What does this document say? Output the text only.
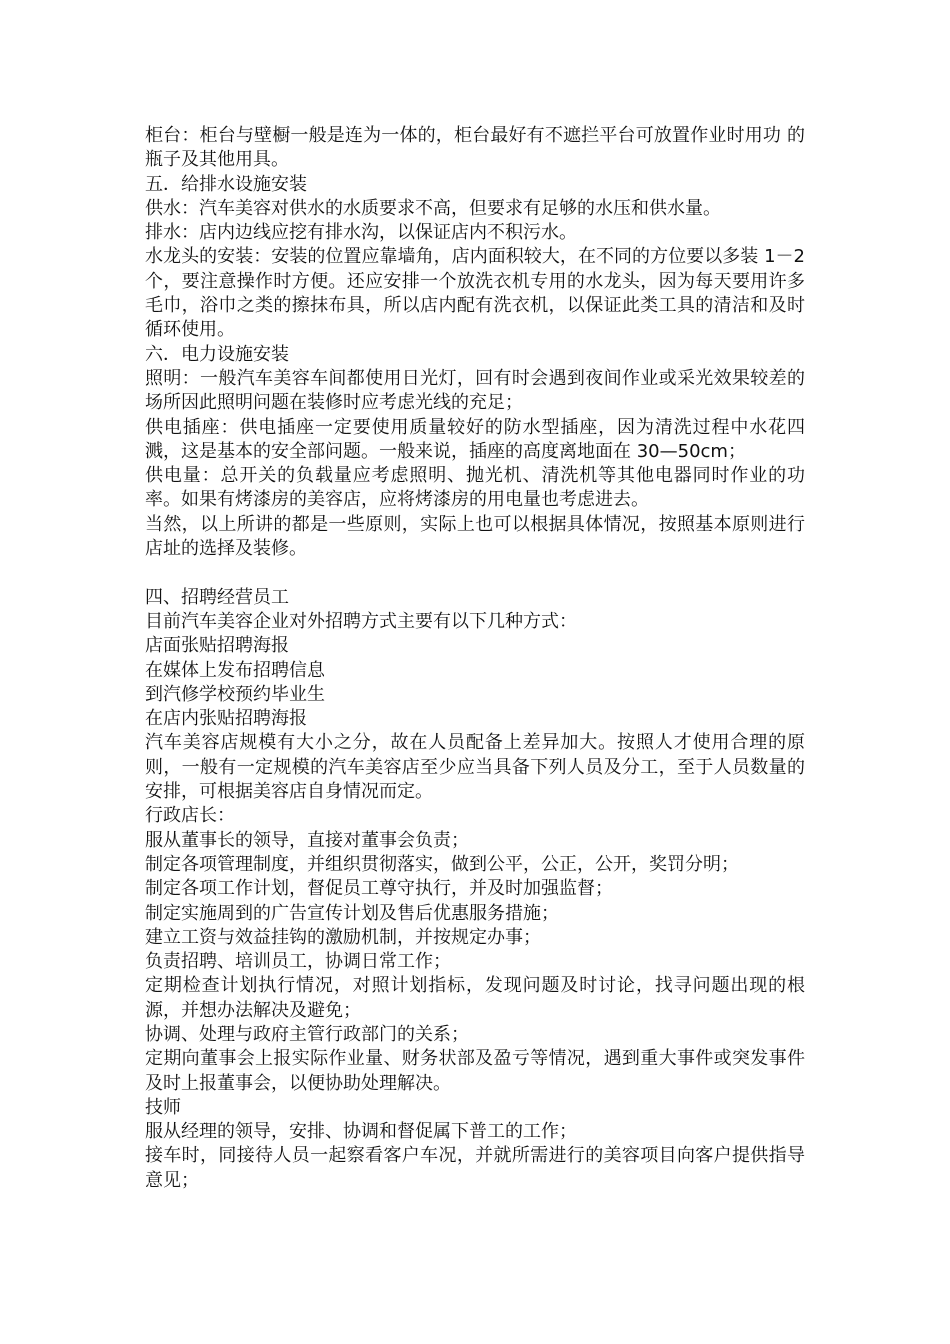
柜台：柜台与壁橱一般是连为一体的，柜台最好有不遮拦平台可放置作业时用功 的瓶子及其他用具。

五．给排水设施安装

供水：汽车美容对供水的水质要求不高，但要求有足够的水压和供水量。

排水：店内边线应挖有排水沟，以保证店内不积污水。

水龙头的安装：安装的位置应靠墙角，店内面积较大，在不同的方位要以多装 1－2 个，要注意操作时方便。还应安排一个放洗衣机专用的水龙头，因为每天要用许多毛巾，浴巾之类的擦抹布具，所以店内配有洗衣机，以保证此类工具的清洁和及时循环使用。

六．电力设施安装

照明：一般汽车美容车间都使用日光灯，回有时会遇到夜间作业或采光效果较差的场所因此照明问题在装修时应考虑光线的充足；

供电插座：供电插座一定要使用质量较好的防水型插座，因为清洗过程中水花四溅，这是基本的安全部问题。一般来说，插座的高度离地面在 30—50cm；

供电量：总开关的负载量应考虑照明、抛光机、清洗机等其他电器同时作业的功率。如果有烤漆房的美容店，应将烤漆房的用电量也考虑进去。

当然，以上所讲的都是一些原则，实际上也可以根据具体情况，按照基本原则进行店址的选择及装修。

四、招聘经营员工

目前汽车美容企业对外招聘方式主要有以下几种方式：

店面张贴招聘海报

在媒体上发布招聘信息

到汽修学校预约毕业生

在店内张贴招聘海报

汽车美容店规模有大小之分，故在人员配备上差异加大。按照人才使用合理的原则，一般有一定规模的汽车美容店至少应当具备下列人员及分工，至于人员数量的安排，可根据美容店自身情况而定。

行政店长：

服从董事长的领导，直接对董事会负责；

制定各项管理制度，并组织贯彻落实，做到公平，公正，公开，奖罚分明；

制定各项工作计划，督促员工尊守执行，并及时加强监督；

制定实施周到的广告宣传计划及售后优惠服务措施；

建立工资与效益挂钩的激励机制，并按规定办事；

负责招聘、培训员工，协调日常工作；

定期检查计划执行情况，对照计划指标，发现问题及时讨论，找寻问题出现的根源，并想办法解决及避免；

协调、处理与政府主管行政部门的关系；

定期向董事会上报实际作业量、财务状部及盈亏等情况，遇到重大事件或突发事件及时上报董事会，以便协助处理解决。

技师

服从经理的领导，安排、协调和督促属下普工的工作；

接车时，同接待人员一起察看客户车况，并就所需进行的美容项目向客户提供指导意见；
